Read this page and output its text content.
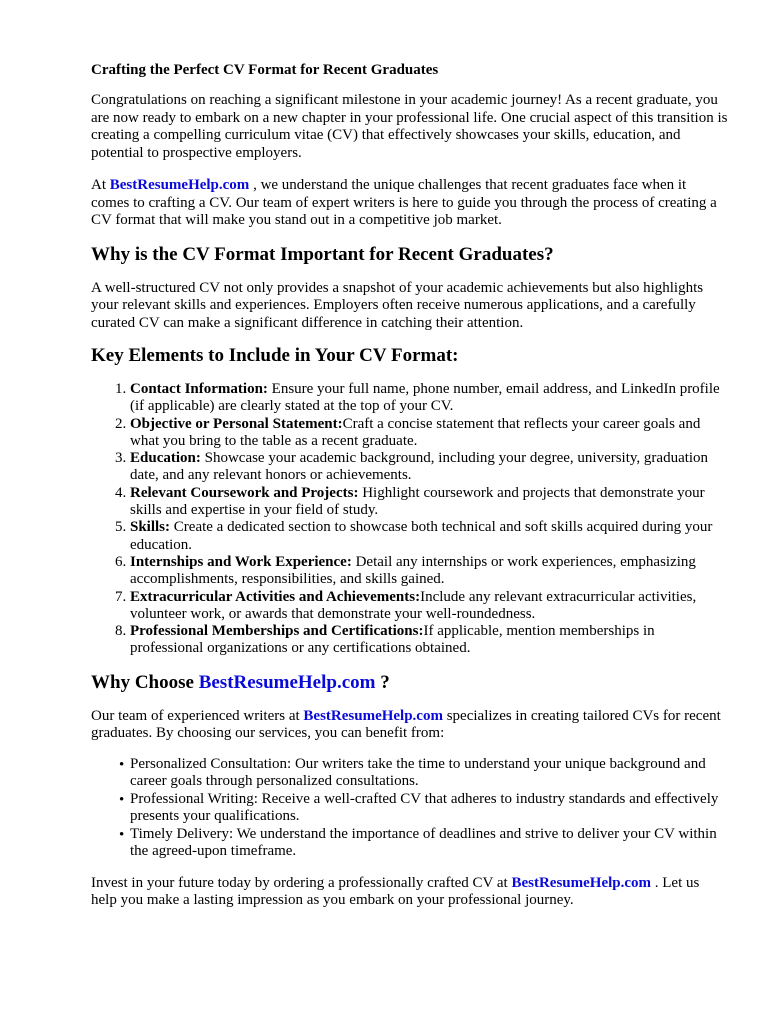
Crafting the Perfect CV Format for Recent Graduates

Congratulations on reaching a significant milestone in your academic journey! As a recent graduate, you are now ready to embark on a new chapter in your professional life. One crucial aspect of this transition is creating a compelling curriculum vitae (CV) that effectively showcases your skills, education, and potential to prospective employers.

At BestResumeHelp.com , we understand the unique challenges that recent graduates face when it comes to crafting a CV. Our team of expert writers is here to guide you through the process of creating a CV format that will make you stand out in a competitive job market.

Why is the CV Format Important for Recent Graduates?

A well-structured CV not only provides a snapshot of your academic achievements but also highlights your relevant skills and experiences. Employers often receive numerous applications, and a carefully curated CV can make a significant difference in catching their attention.

Key Elements to Include in Your CV Format:
1. Contact Information: Ensure your full name, phone number, email address, and LinkedIn profile (if applicable) are clearly stated at the top of your CV.
2. Objective or Personal Statement:Craft a concise statement that reflects your career goals and what you bring to the table as a recent graduate.
3. Education: Showcase your academic background, including your degree, university, graduation date, and any relevant honors or achievements.
4. Relevant Coursework and Projects: Highlight coursework and projects that demonstrate your skills and expertise in your field of study.
5. Skills: Create a dedicated section to showcase both technical and soft skills acquired during your education.
6. Internships and Work Experience: Detail any internships or work experiences, emphasizing accomplishments, responsibilities, and skills gained.
7. Extracurricular Activities and Achievements:Include any relevant extracurricular activities, volunteer work, or awards that demonstrate your well-roundedness.
8. Professional Memberships and Certifications:If applicable, mention memberships in professional organizations or any certifications obtained.
Why Choose BestResumeHelp.com ?

Our team of experienced writers at BestResumeHelp.com specializes in creating tailored CVs for recent graduates. By choosing our services, you can benefit from:

• Personalized Consultation: Our writers take the time to understand your unique background and career goals through personalized consultations.
• Professional Writing: Receive a well-crafted CV that adheres to industry standards and effectively presents your qualifications.
• Timely Delivery: We understand the importance of deadlines and strive to deliver your CV within the agreed-upon timeframe.

Invest in your future today by ordering a professionally crafted CV at BestResumeHelp.com . Let us help you make a lasting impression as you embark on your professional journey.
